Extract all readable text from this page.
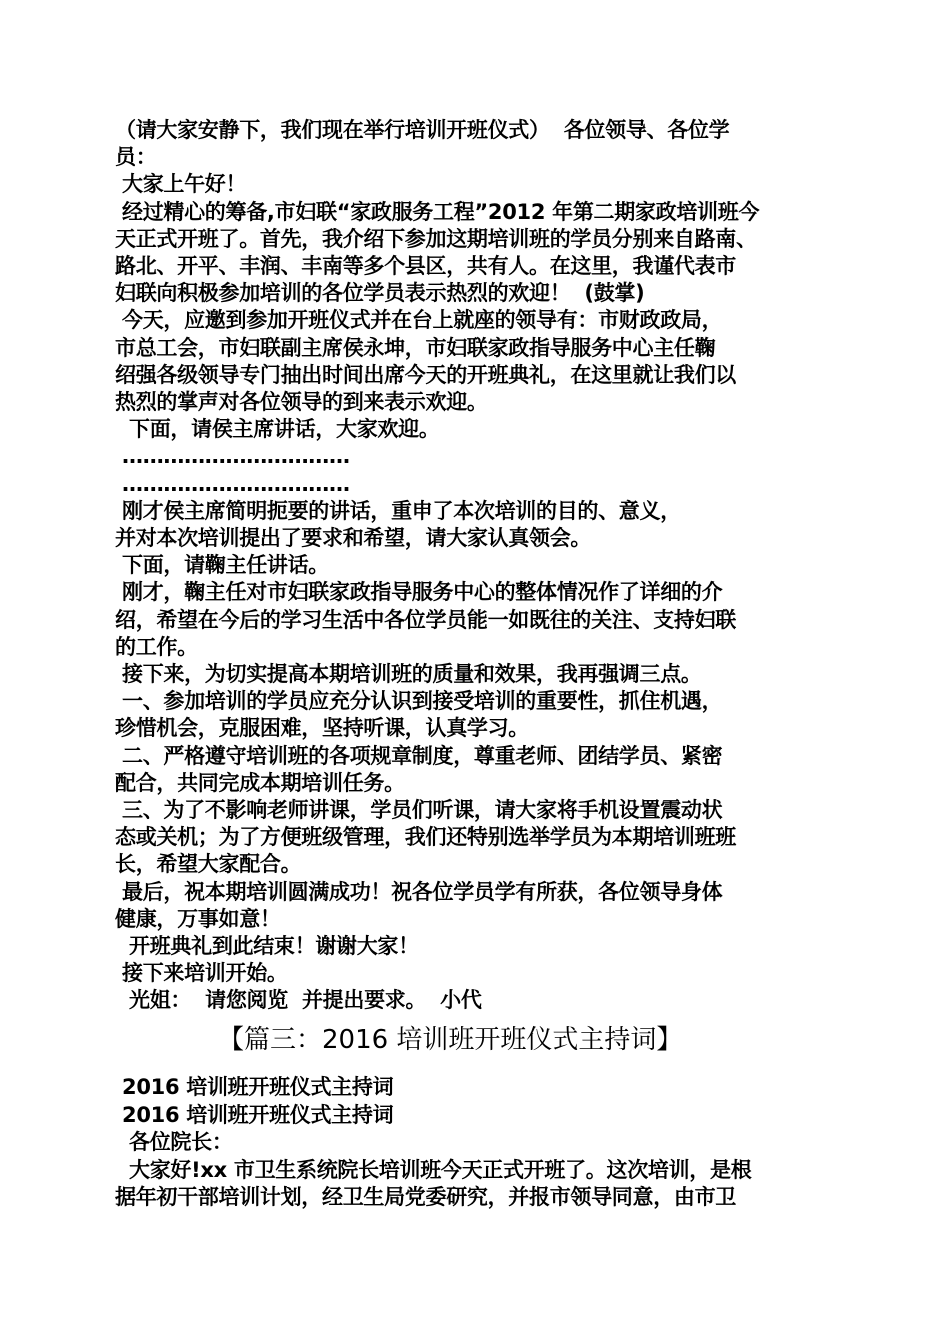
（请大家安静下，我们现在举行培训开班仪式）  各位领导、各位学
员：
大家上午好！
经过精心的筹备,市妇联“家政服务工程”2012 年第二期家政培训班今
天正式开班了。首先，我介绍下参加这期培训班的学员分别来自路南、
路北、开平、丰润、丰南等多个县区，共有人。在这里，我谨代表市
妇联向积极参加培训的各位学员表示热烈的欢迎！  (鼓掌)
今天，应邀到参加开班仪式并在台上就座的领导有：市财政政局，
市总工会，市妇联副主席侯永坤，市妇联家政指导服务中心主任鞠
绍强各级领导专门抽出时间出席今天的开班典礼，在这里就让我们以
热烈的掌声对各位领导的到来表示欢迎。
下面，请侯主席讲话，大家欢迎。
……………………………
……………………………
刚才侯主席简明扼要的讲话，重申了本次培训的目的、意义，
并对本次培训提出了要求和希望，请大家认真领会。
下面，请鞠主任讲话。
刚才，鞠主任对市妇联家政指导服务中心的整体情况作了详细的介
绍，希望在今后的学习生活中各位学员能一如既往的关注、支持妇联
的工作。
接下来，为切实提高本期培训班的质量和效果，我再强调三点。
一、参加培训的学员应充分认识到接受培训的重要性，抓住机遇，
珍惜机会，克服困难，坚持听课，认真学习。
二、严格遵守培训班的各项规章制度，尊重老师、团结学员、紧密
配合，共同完成本期培训任务。
三、为了不影响老师讲课，学员们听课，请大家将手机设置震动状
态或关机；为了方便班级管理，我们还特别选举学员为本期培训班班
长，希望大家配合。
最后，祝本期培训圆满成功！祝各位学员学有所获，各位领导身体
健康，万事如意！
开班典礼到此结束！谢谢大家！
接下来培训开始。
光姐：  请您阅览  并提出要求。  小代
【篇三：2016 培训班开班仪式主持词】
2016 培训班开班仪式主持词
2016 培训班开班仪式主持词
各位院长：
大家好!xx 市卫生系统院长培训班今天正式开班了。这次培训，是根
据年初干部培训计划，经卫生局党委研究，并报市领导同意，由市卫
